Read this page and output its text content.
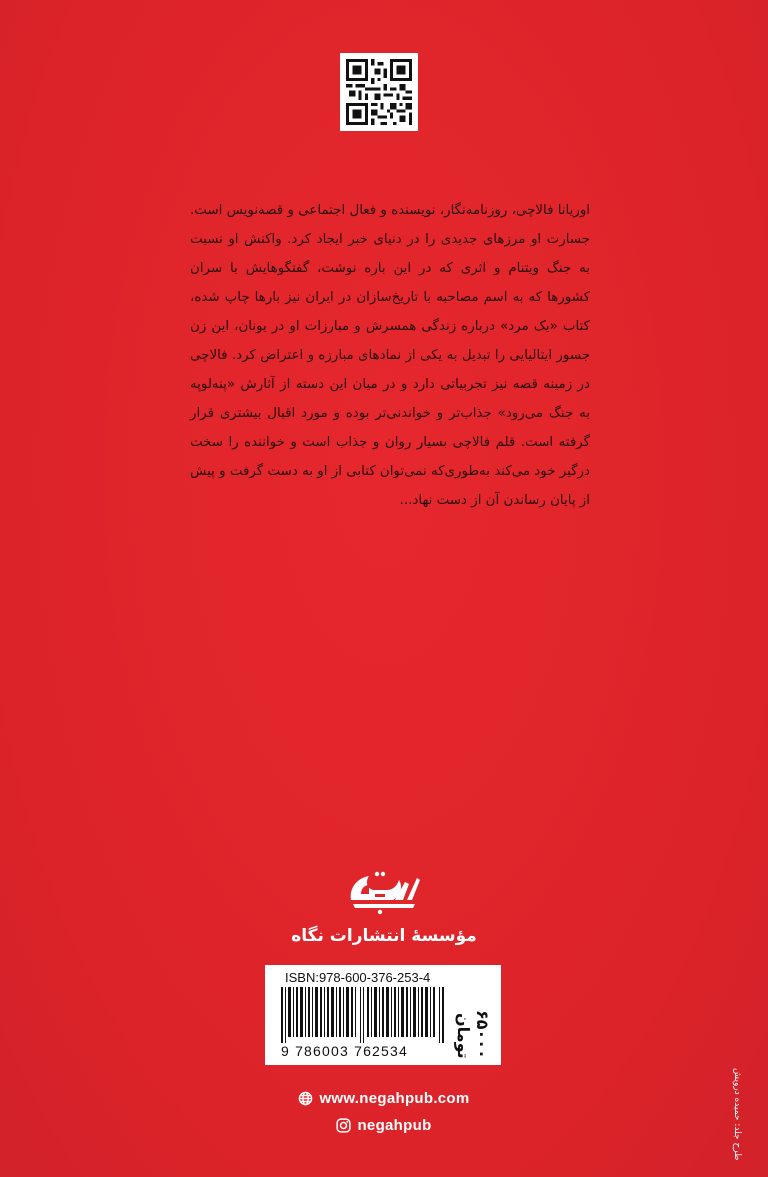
اوریانا فالاچی، روزنامه‌نگار، نویسنده و فعال اجتماعی و قصه‌نویس است. جسارت او مرزهای جدیدی را در دنیای خبر ایجاد کرد. واکنش او نسبت به جنگ ویتنام و اثری که در این باره نوشت، گفتگوهایش با سران کشورها که به اسم مصاحبه با تاریخ‌سازان در ایران نیز بارها چاپ شده، کتاب «یک مرد» درباره زندگی همسرش و مبارزات او در یونان، این زن جسور ایتالیایی را تبدیل به یکی از نمادهای مبارزه و اعتراض کرد. فالاچی در زمینه قصه نیز تجربیاتی دارد و در میان این دسته از آثارش «پنه‌لوپه به جنگ می‌رود» جذاب‌تر و خواندنی‌تر بوده و مورد اقبال بیشتری قرار گرفته است. قلم فالاچی بسیار روان و جذاب است و خواننده را سخت درگیر خود می‌کند به‌طوری‌که نمی‌توان کتابی از او به دست گرفت و پیش از پایان رساندن آن از دست نهاد...
مؤسسهٔ انتشارات نگاه
ISBN:978-600-376-253-4
9 786003 762534	۶۵۰۰۰ تومان
www.negahpub.com
negahpub	طرح جلد: حمیده درویش
